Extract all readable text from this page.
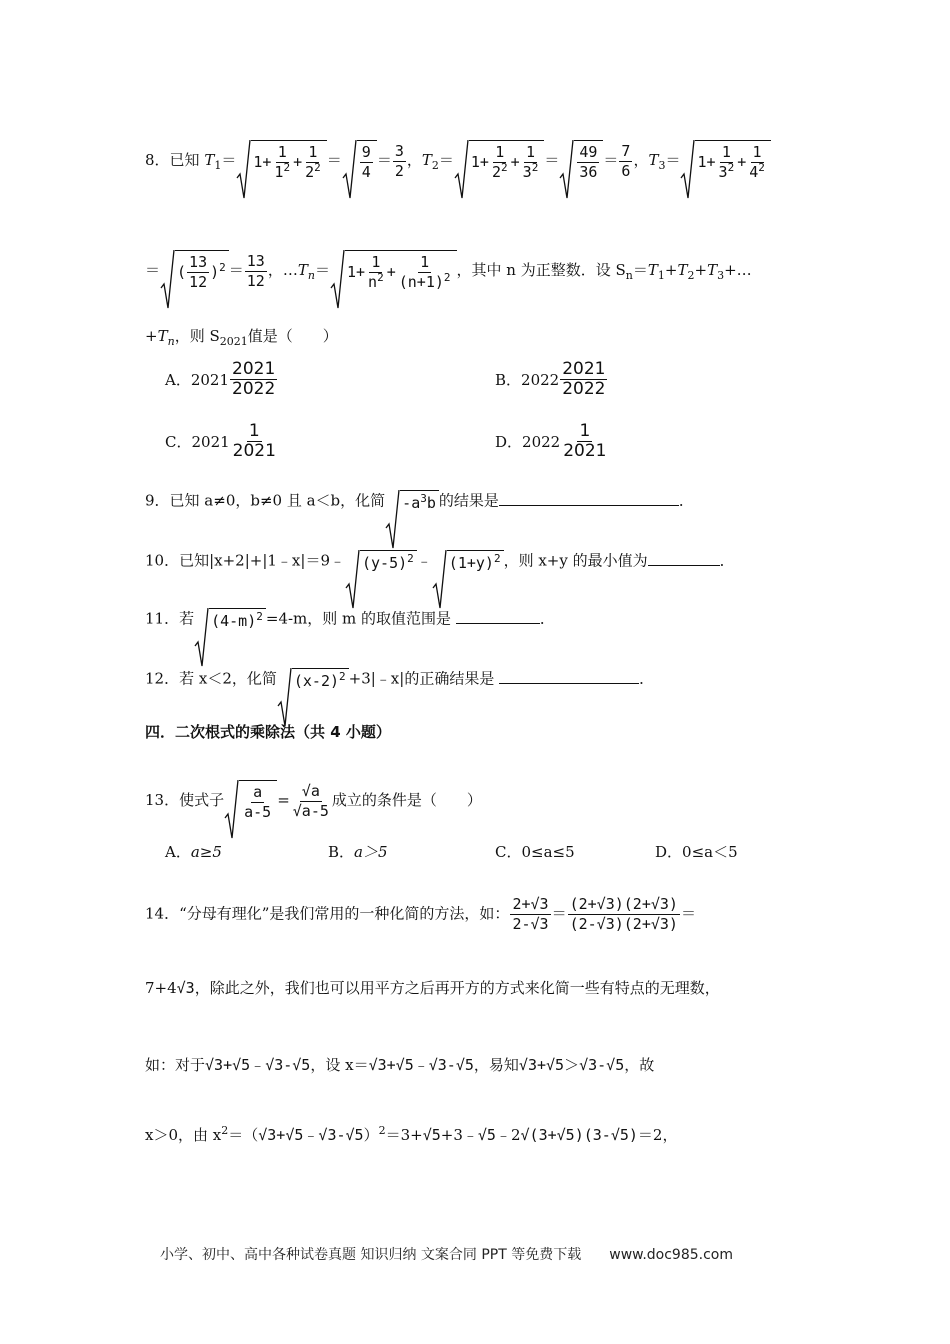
8．已知 $T_1= 1+ \frac{1}{1^2} + \frac{1}{2^2} = \frac{9}{4} = \frac{3}{2}$ ，$T_2= 1+ \frac{1}{2^2} + \frac{1}{3^2} = \frac{49}{36} = \frac{7}{6}$ ，$T_3= 1+ \frac{1}{3^2} + \frac{1}{4^2}$
＝ ( $\frac{13}{12} )^2 = \frac{13}{12}$ ，$\dots T_n= 1+ \frac{1}{n^2} + \frac{1}{(n+1)^2}$ ，其中 n 为正整数．设 $S_n=T_1+T_2+T_3+\dots$
$+T_n$，则 $S_{2021}$值是（　　）
A． $2021 \frac{2021}{2022}$	B． $2022 \frac{2021}{2022}$
C． $2021 \frac{1}{2021}$	D． $2022 \frac{1}{2021}$
9．已知 a≠0，b≠0 且 a＜b，化简 $-a^3b$ 的结果是	．
10．已知|x+2|+|1﹣x|＝9﹣ $(y-5)^2$ ﹣ $(1+y)^2$ ，则 x+y 的最小值为	．
11．若 $(4-m)^2 =4-m$，则 m 的取值范围是	．
12．若 x＜2，化简 $(x-2)^2$ +3|﹣x|的正确结果是	．
四．二次根式的乘除法（共 4 小题）
13．使式子 $\frac{a}{a-5} = \frac{√a}{√a-5}$ 成立的条件是（　　）
A．a≥5	B．a＞5	C．0≤a≤5	D．0≤a＜5
14．“分母有理化”是我们常用的一种化简的方法，如： $\frac{2+√3}{2-√3} = \frac{(2+√3)(2+√3)}{(2-√3)(2+√3)}$ ＝
7+4√3，除此之外，我们也可以用平方之后再开方的方式来化简一些有特点的无理数，
如：对于√3+√5﹣√3-√5，设 x＝√3+√5﹣√3-√5，易知√3+√5＞√3-√5，故
x＞0，由 $x^2=(√3+√5﹣√3-√5)^2=3+√5+3﹣√5﹣2√(3+√5)(3-√5)=2$，
小学、初中、高中各种试卷真题 知识归纳 文案合同 PPT 等免费下载 www.doc985.com
